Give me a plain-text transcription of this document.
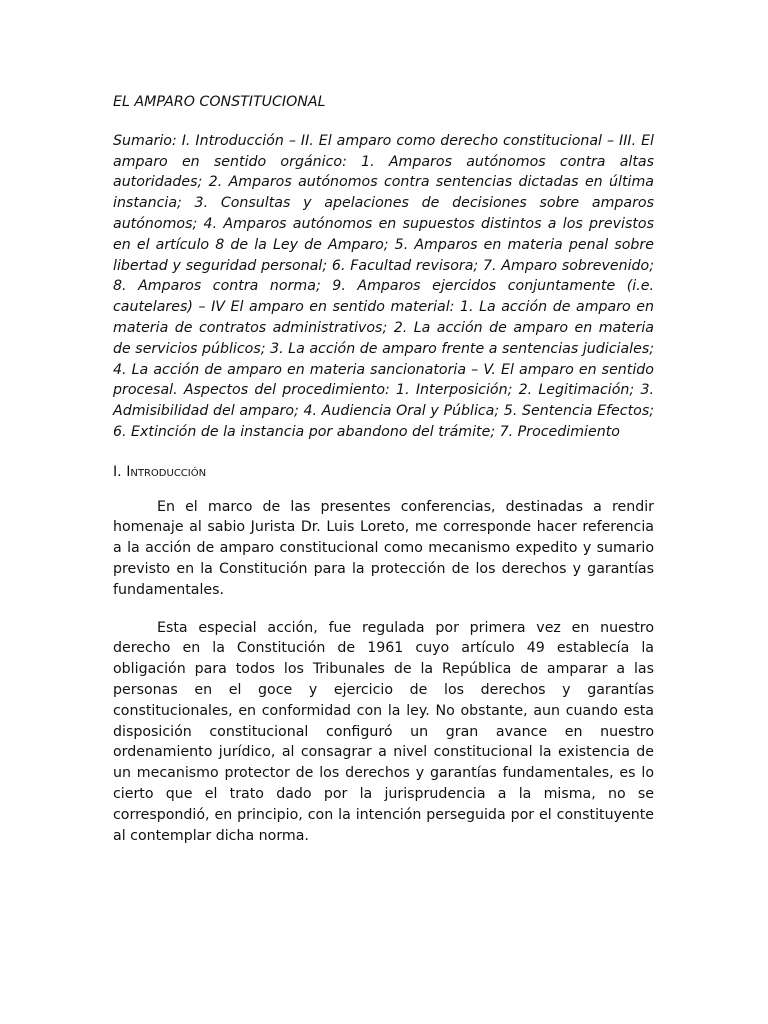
EL AMPARO CONSTITUCIONAL

Sumario: I. Introducción – II. El amparo como derecho constitucional – III. El amparo en sentido orgánico: 1. Amparos autónomos contra altas autoridades; 2. Amparos autónomos contra sentencias dictadas en última instancia; 3. Consultas y apelaciones de decisiones sobre amparos autónomos; 4. Amparos autónomos en supuestos distintos a los previstos en el artículo 8 de la Ley de Amparo; 5. Amparos en materia penal sobre libertad y seguridad personal; 6. Facultad revisora; 7. Amparo sobrevenido; 8. Amparos contra norma; 9. Amparos ejercidos conjuntamente (i.e. cautelares) – IV El amparo en sentido material: 1. La acción de amparo en materia de contratos administrativos; 2. La acción de amparo en materia de servicios públicos; 3. La acción de amparo frente a sentencias judiciales; 4. La acción de amparo en materia sancionatoria – V. El amparo en sentido procesal. Aspectos del procedimiento: 1. Interposición; 2. Legitimación; 3. Admisibilidad del amparo; 4. Audiencia Oral y Pública; 5. Sentencia Efectos; 6. Extinción de la instancia por abandono del trámite; 7. Procedimiento

I. Introducción

En el marco de las presentes conferencias, destinadas a rendir homenaje al sabio Jurista Dr. Luis Loreto, me corresponde hacer referencia a la acción de amparo constitucional como mecanismo expedito y sumario previsto en la Constitución para la protección de los derechos y garantías fundamentales.

Esta especial acción, fue regulada por primera vez en nuestro derecho en la Constitución de 1961 cuyo artículo 49 establecía la obligación para todos los Tribunales de la República de amparar a las personas en el goce y ejercicio de los derechos y garantías constitucionales, en conformidad con la ley. No obstante, aun cuando esta disposición constitucional configuró un gran avance en nuestro ordenamiento jurídico, al consagrar a nivel constitucional la existencia de un mecanismo protector de los derechos y garantías fundamentales, es lo cierto que el trato dado por la jurisprudencia a la misma, no se correspondió, en principio, con la intención perseguida por el constituyente al contemplar dicha norma.
